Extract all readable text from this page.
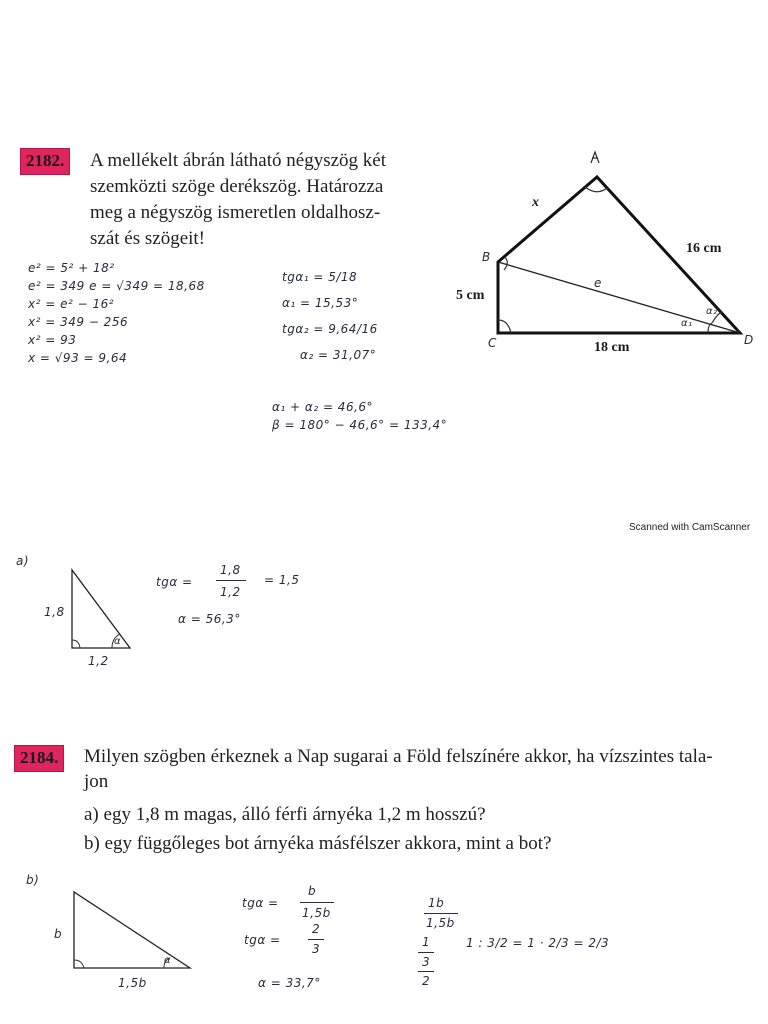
2182.	A mellékelt ábrán látható négyszög két
szemközti szöge derékszög. Határozza
meg a négyszög ismeretlen oldalhosz-
szát és szögeit!
x
16 cm
5 cm
18 cm
B
C	D
e
α₁
α₂
e² = 5² + 18²
e² = 349 e = √349 = 18,68
x² = e² − 16²
x² = 349 − 256
x² = 93
x = √93 = 9,64
tgα₁ = 5/18
α₁ = 15,53°
tgα₂ = 9,64/16
α₂ = 31,07°
α₁ + α₂ = 46,6°
β = 180° − 46,6° = 133,4°
Scanned with CamScanner
a)
1,8
1,2
α
tgα =
1,8
1,2
= 1,5
α = 56,3°
2184.	Milyen szögben érkeznek a Nap sugarai a Föld felszínére akkor, ha vízszintes tala-
jon
a) egy 1,8 m magas, álló férfi árnyéka 1,2 m hosszú?
b) egy függőleges bot árnyéka másfélszer akkora, mint a bot?
b)
b
1,5b
α
tgα =
b
1,5b
tgα =
2
3
α = 33,7°
1b
1,5b
1
3
2
1 : 3/2 = 1 · 2/3 = 2/3
